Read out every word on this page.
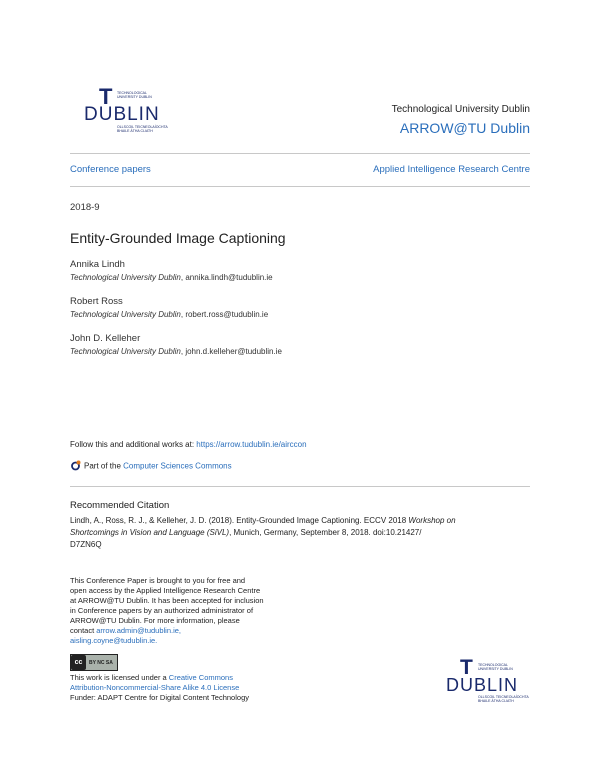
T TECHNOLOGICAL
UNIVERSITY DUBLIN
DUBLIN
OLLSCOIL TEICNEOLAÍOCHTA
BHAILE ÁTHA CLIATH
Technological University Dublin
ARROW@TU Dublin
Conference papers	Applied Intelligence Research Centre
2018-9
Entity-Grounded Image Captioning
Annika Lindh
Technological University Dublin, annika.lindh@tudublin.ie
Robert Ross
Technological University Dublin, robert.ross@tudublin.ie
John D. Kelleher
Technological University Dublin, john.d.kelleher@tudublin.ie
Follow this and additional works at: https://arrow.tudublin.ie/airccon
Part of the Computer Sciences Commons
Recommended Citation
Lindh, A., Ross, R. J., & Kelleher, J. D. (2018). Entity-Grounded Image Captioning. ECCV 2018 Workshop on
Shortcomings in Vision and Language (SiVL), Munich, Germany, September 8, 2018. doi:10.21427/
D7ZN6Q
This Conference Paper is brought to you for free and
open access by the Applied Intelligence Research Centre
at ARROW@TU Dublin. It has been accepted for inclusion
in Conference papers by an authorized administrator of
ARROW@TU Dublin. For more information, please
contact arrow.admin@tudublin.ie,
aisling.coyne@tudublin.ie.
cc BY NC SA
This work is licensed under a Creative Commons
Attribution-Noncommercial-Share Alike 4.0 License
Funder: ADAPT Centre for Digital Content Technology
T TECHNOLOGICAL
UNIVERSITY DUBLIN
DUBLIN
OLLSCOIL TEICNEOLAÍOCHTA
BHAILE ÁTHA CLIATH
